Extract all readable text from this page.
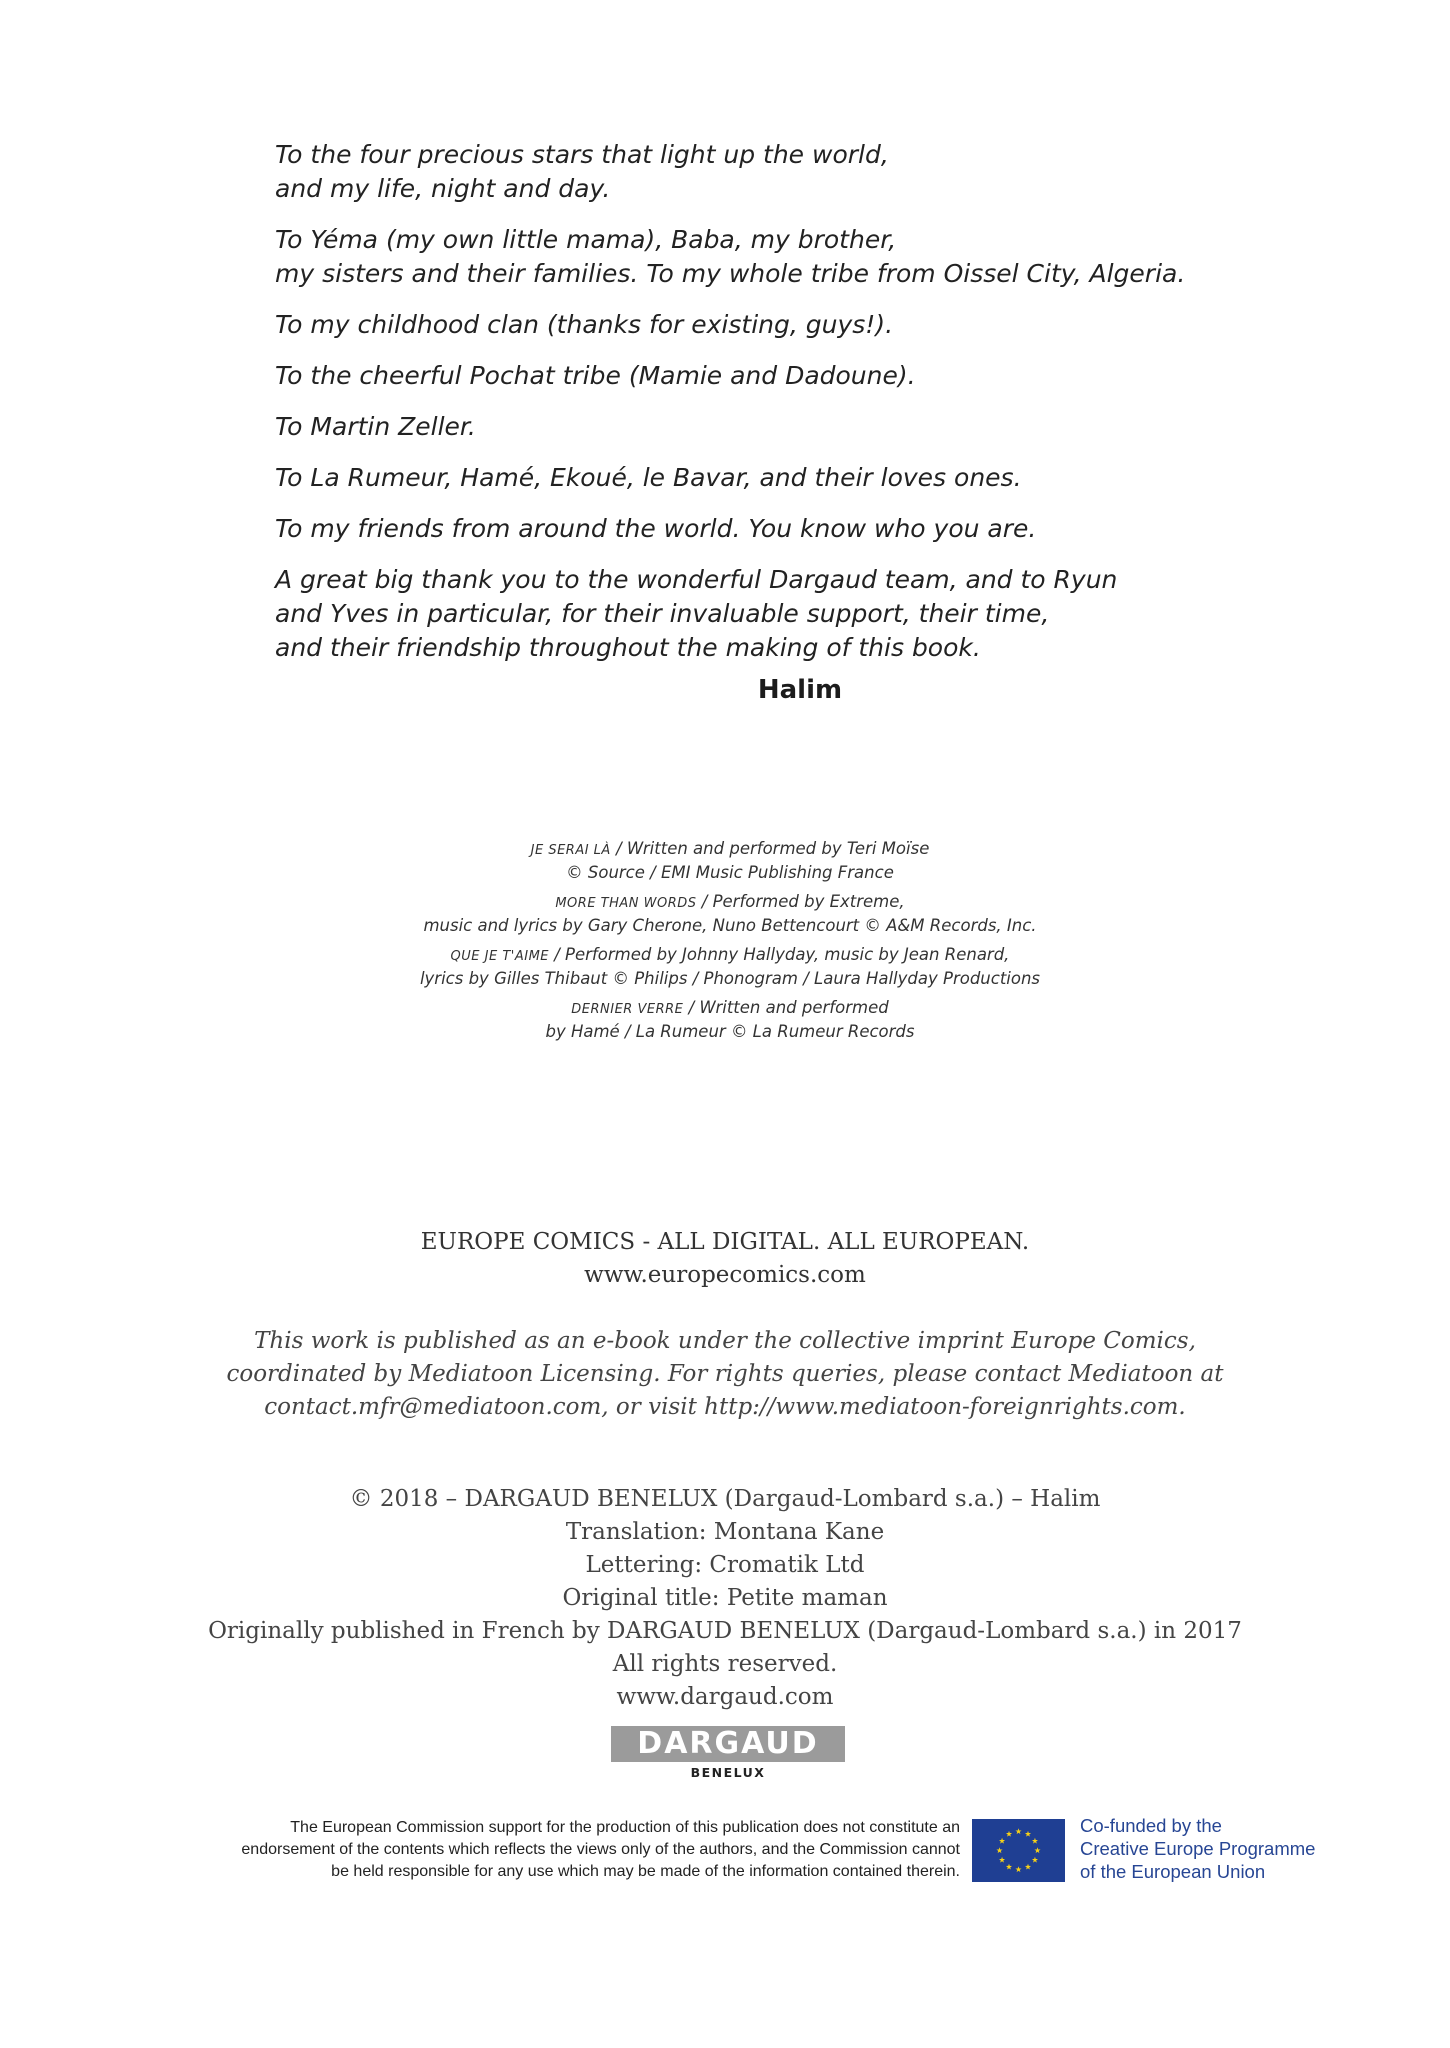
To the four precious stars that light up the world,
and my life, night and day.

To Yéma (my own little mama), Baba, my brother,
my sisters and their families. To my whole tribe from Oissel City, Algeria.

To my childhood clan (thanks for existing, guys!).

To the cheerful Pochat tribe (Mamie and Dadoune).

To Martin Zeller.

To La Rumeur, Hamé, Ekoué, le Bavar, and their loves ones.

To my friends from around the world. You know who you are.

A great big thank you to the wonderful Dargaud team, and to Ryun
and Yves in particular, for their invaluable support, their time,
and their friendship throughout the making of this book.

Halim
JE SERAI LÀ / Written and performed by Teri Moïse
© Source / EMI Music Publishing France
MORE THAN WORDS / Performed by Extreme,
music and lyrics by Gary Cherone, Nuno Bettencourt © A&M Records, Inc.
QUE JE T'AIME / Performed by Johnny Hallyday, music by Jean Renard,
lyrics by Gilles Thibaut © Philips / Phonogram / Laura Hallyday Productions
DERNIER VERRE / Written and performed
by Hamé / La Rumeur © La Rumeur Records
EUROPE COMICS - ALL DIGITAL. ALL EUROPEAN.
www.europecomics.com
This work is published as an e-book under the collective imprint Europe Comics,
coordinated by Mediatoon Licensing. For rights queries, please contact Mediatoon at
contact.mfr@mediatoon.com, or visit http://www.mediatoon-foreignrights.com.
© 2018 – DARGAUD BENELUX (Dargaud-Lombard s.a.) – Halim
Translation: Montana Kane
Lettering: Cromatik Ltd
Original title: Petite maman
Originally published in French by DARGAUD BENELUX (Dargaud-Lombard s.a.) in 2017
All rights reserved.
www.dargaud.com
DARGAUD
BENELUX
The European Commission support for the production of this publication does not constitute an
endorsement of the contents which reflects the views only of the authors, and the Commission cannot
be held responsible for any use which may be made of the information contained therein.
Co-funded by the
Creative Europe Programme
of the European Union
